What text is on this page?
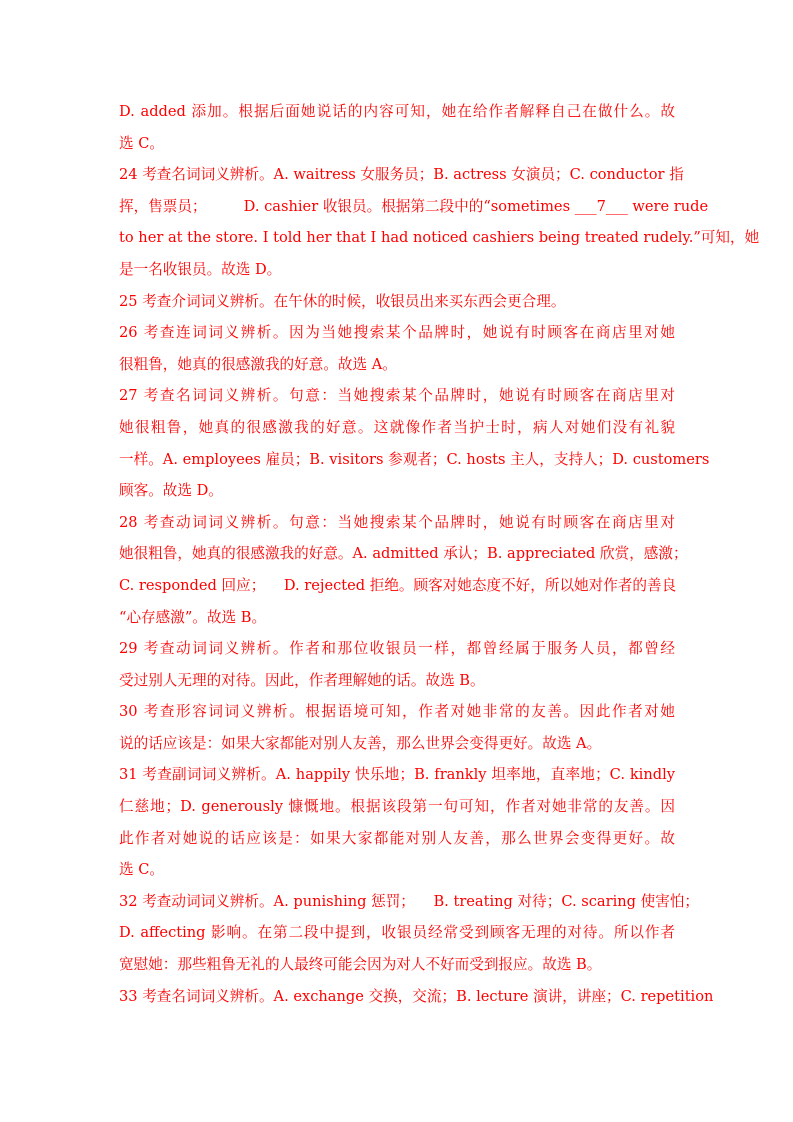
D. added 添加。根据后面她说话的内容可知，她在给作者解释自己在做什么。故
选 C。
24 考查名词词义辨析。A. waitress 女服务员；B. actress 女演员；C. conductor 指
挥，售票员；        D. cashier 收银员。根据第二段中的“sometimes ___7___ were rude
to her at the store. I told her that I had noticed cashiers being treated rudely.”可知，她
是一名收银员。故选 D。
25 考查介词词义辨析。在午休的时候，收银员出来买东西会更合理。
26 考查连词词义辨析。因为当她搜索某个品牌时，她说有时顾客在商店里对她
很粗鲁，她真的很感激我的好意。故选 A。
27 考查名词词义辨析。句意：当她搜索某个品牌时，她说有时顾客在商店里对
她很粗鲁，她真的很感激我的好意。这就像作者当护士时，病人对她们没有礼貌
一样。A. employees 雇员；B. visitors 参观者；C. hosts 主人，支持人；D. customers
顾客。故选 D。
28 考查动词词义辨析。句意：当她搜索某个品牌时，她说有时顾客在商店里对
她很粗鲁，她真的很感激我的好意。A. admitted 承认；B. appreciated 欣赏，感激；
C. responded 回应；    D. rejected 拒绝。顾客对她态度不好，所以她对作者的善良
“心存感激”。故选 B。
29 考查动词词义辨析。作者和那位收银员一样，都曾经属于服务人员，都曾经
受过别人无理的对待。因此，作者理解她的话。故选 B。
30 考查形容词词义辨析。根据语境可知，作者对她非常的友善。因此作者对她
说的话应该是：如果大家都能对别人友善，那么世界会变得更好。故选 A。
31 考查副词词义辨析。A. happily 快乐地；B. frankly 坦率地，直率地；C. kindly
仁慈地；D. generously 慷慨地。根据该段第一句可知，作者对她非常的友善。因
此作者对她说的话应该是：如果大家都能对别人友善，那么世界会变得更好。故
选 C。
32 考查动词词义辨析。A. punishing 惩罚；    B. treating 对待；C. scaring 使害怕；
D. affecting 影响。在第二段中提到，收银员经常受到顾客无理的对待。所以作者
宽慰她：那些粗鲁无礼的人最终可能会因为对人不好而受到报应。故选 B。
33 考查名词词义辨析。A. exchange 交换，交流；B. lecture 演讲，讲座；C. repetition
